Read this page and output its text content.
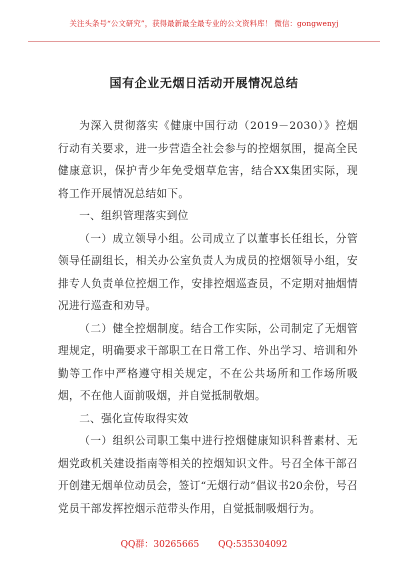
关注头条号“公文研究”，获得最新最全最专业的公文资料库！ 微信：gongwenyj
国有企业无烟日活动开展情况总结

为深入贯彻落实《健康中国行动（2019－2030）》控烟行动有关要求，进一步营造全社会参与的控烟氛围，提高全民健康意识，保护青少年免受烟草危害，结合XX集团实际，现将工作开展情况总结如下。

一、组织管理落实到位

（一）成立领导小组。公司成立了以董事长任组长，分管领导任副组长，相关办公室负责人为成员的控烟领导小组，安排专人负责单位控烟工作，安排控烟巡查员，不定期对抽烟情况进行巡查和劝导。

（二）健全控烟制度。结合工作实际，公司制定了无烟管理规定，明确要求干部职工在日常工作、外出学习、培训和外勤等工作中严格遵守相关规定，不在公共场所和工作场所吸烟，不在他人面前吸烟，并自觉抵制敬烟。

二、强化宣传取得实效

（一）组织公司职工集中进行控烟健康知识科普素材、无烟党政机关建设指南等相关的控烟知识文件。号召全体干部召开创建无烟单位动员会，签订“无烟行动”倡议书20余份，号召党员干部发挥控烟示范带头作用，自觉抵制吸烟行为。

QQ群：30265665 QQ:535304092
